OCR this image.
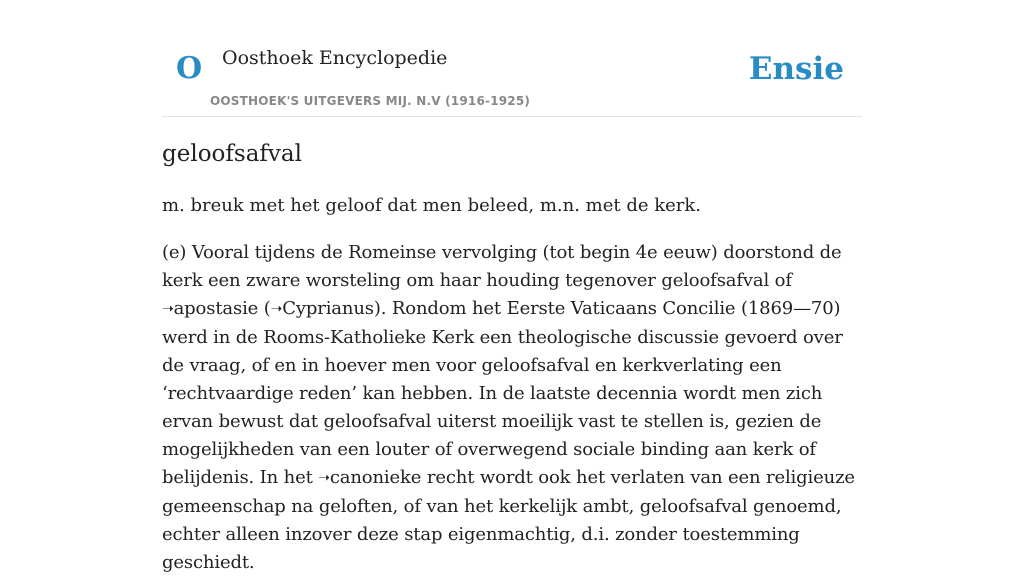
O Oosthoek Encyclopedie
OOSTHOEK'S UITGEVERS MIJ. N.V (1916-1925)
Ensie
geloofsafval

m. breuk met het geloof dat men beleed, m.n. met de kerk.

(e) Vooral tijdens de Romeinse vervolging (tot begin 4e eeuw) doorstond de kerk een zware worsteling om haar houding tegenover geloofsafval of ➝apostasie (➝Cyprianus). Rondom het Eerste Vaticaans Concilie (1869—70) werd in de Rooms-Katholieke Kerk een theologische discussie gevoerd over de vraag, of en in hoever men voor geloofsafval en kerkverlating een ‘rechtvaardige reden’ kan hebben. In de laatste decennia wordt men zich ervan bewust dat geloofsafval uiterst moeilijk vast te stellen is, gezien de mogelijkheden van een louter of overwegend sociale binding aan kerk of belijdenis. In het ➝canonieke recht wordt ook het verlaten van een religieuze gemeenschap na geloften, of van het kerkelijk ambt, geloofsafval genoemd, echter alleen inzover deze stap eigenmachtig, d.i. zonder toestemming geschiedt.
